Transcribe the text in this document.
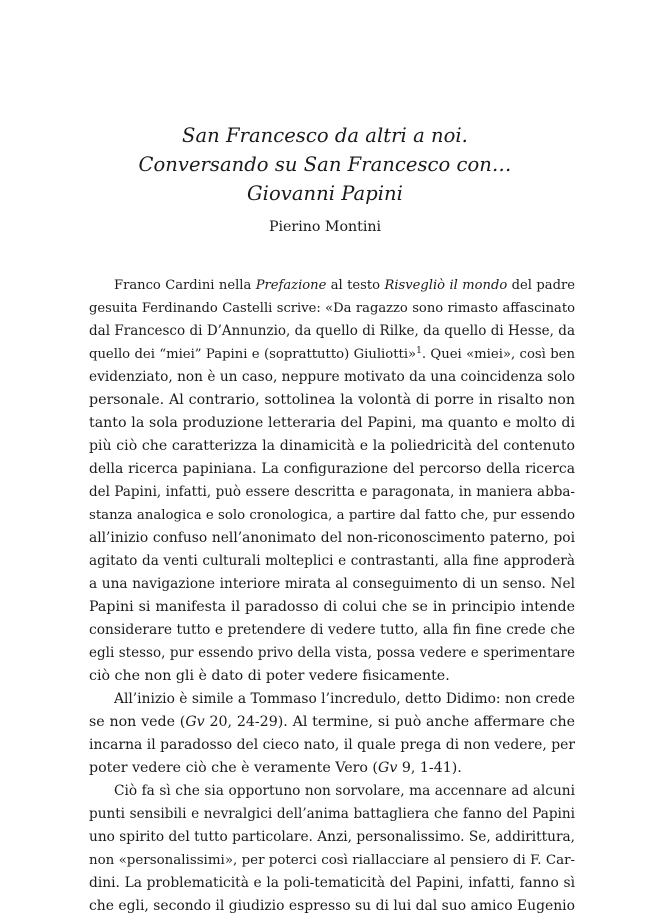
San Francesco da altri a noi.
Conversando su San Francesco con…
Giovanni Papini
Pierino Montini
Franco Cardini nella Prefazione al testo Risvegliò il mondo del padre
gesuita Ferdinando Castelli scrive: «Da ragazzo sono rimasto affascinato
dal Francesco di D’Annunzio, da quello di Rilke, da quello di Hesse, da
quello dei “miei” Papini e (soprattutto) Giuliotti»$^1$. Quei «miei», così ben
evidenziato, non è un caso, neppure motivato da una coincidenza solo
personale. Al contrario, sottolinea la volontà di porre in risalto non
tanto la sola produzione letteraria del Papini, ma quanto e molto di
più ciò che caratterizza la dinamicità e la poliedricità del contenuto
della ricerca papiniana. La configurazione del percorso della ricerca
del Papini, infatti, può essere descritta e paragonata, in maniera abba-
stanza analogica e solo cronologica, a partire dal fatto che, pur essendo
all’inizio confuso nell’anonimato del non-riconoscimento paterno, poi
agitato da venti culturali molteplici e contrastanti, alla fine approderà
a una navigazione interiore mirata al conseguimento di un senso. Nel
Papini si manifesta il paradosso di colui che se in principio intende
considerare tutto e pretendere di vedere tutto, alla fin fine crede che
egli stesso, pur essendo privo della vista, possa vedere e sperimentare
ciò che non gli è dato di poter vedere fisicamente.
All’inizio è simile a Tommaso l’incredulo, detto Didimo: non crede
se non vede (Gv 20, 24-29). Al termine, si può anche affermare che
incarna il paradosso del cieco nato, il quale prega di non vedere, per
poter vedere ciò che è veramente Vero (Gv 9, 1-41).
Ciò fa sì che sia opportuno non sorvolare, ma accennare ad alcuni
punti sensibili e nevralgici dell’anima battagliera che fanno del Papini
uno spirito del tutto particolare. Anzi, personalissimo. Se, addirittura,
non «personalissimi», per poterci così riallacciare al pensiero di F. Car-
dini. La problematicità e la poli-tematicità del Papini, infatti, fanno sì
che egli, secondo il giudizio espresso su di lui dal suo amico Eugenio
